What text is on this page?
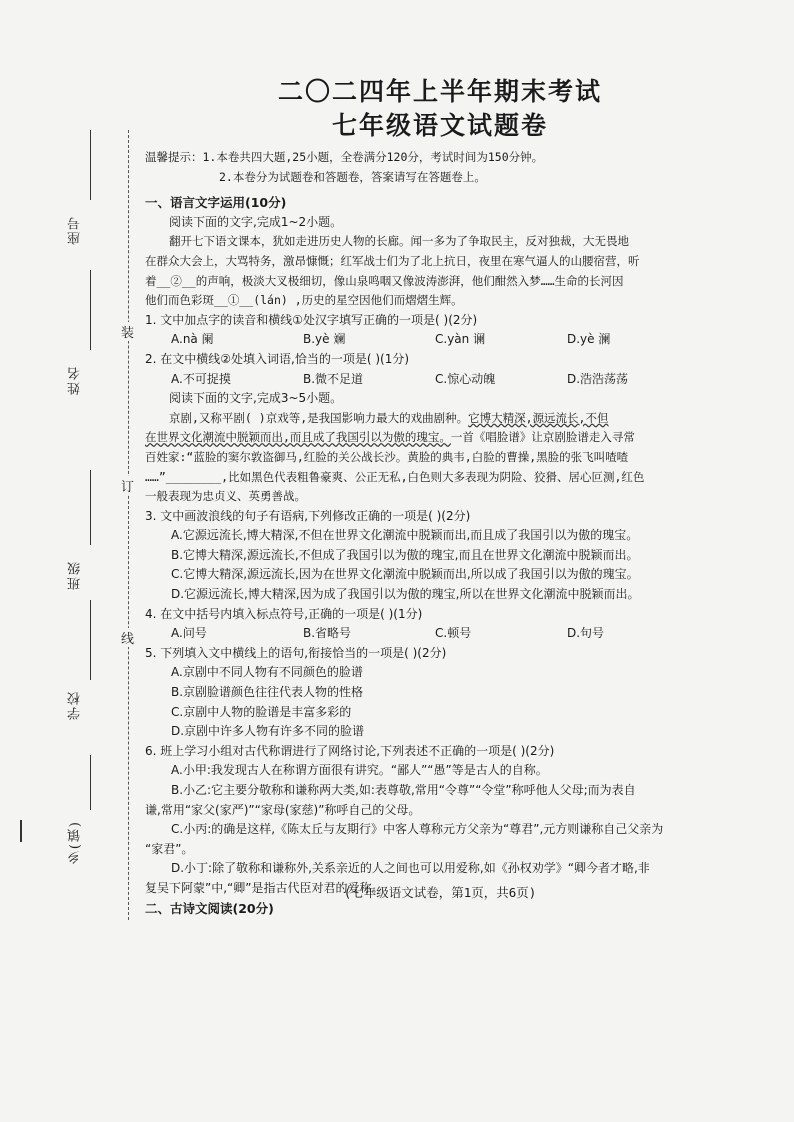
座号
姓名
班级
学校
乡(镇)
装
订
线
二〇二四年上半年期末考试
七年级语文试题卷

温馨提示：1.本卷共四大题,25小题，全卷满分120分，考试时间为150分钟。

2.本卷分为试题卷和答题卷，答案请写在答题卷上。

一、语言文字运用(10分)

阅读下面的文字,完成1~2小题。

翻开七下语文课本，犹如走进历史人物的长廊。闻一多为了争取民主，反对独裁，大无畏地

在群众大会上，大骂特务，激昂慷慨；红军战士们为了北上抗日，夜里在寒气逼人的山腰宿营，听

着__②__的声响，极淡大叉极细切，像山泉鸣咽又像波涛澎湃，他们酣然入梦……生命的长河因

他们而色彩斑__①__(lán) ,历史的星空因他们而熠熠生辉。

1. 文中加点字的读音和横线①处汉字填写正确的一项是( )(2分)

A.nà 阑	B.yè 斓	C.yàn 谰	D.yè 澜

2. 在文中横线②处填入词语,恰当的一项是( )(1分)

A.不可捉摸	B.微不足道	C.惊心动魄	D.浩浩荡荡

阅读下面的文字,完成3~5小题。

京剧,又称平剧( )京戏等,是我国影响力最大的戏曲剧种。它博大精深,源远流长,不但

在世界文化潮流中脱颖而出,而且成了我国引以为傲的瑰宝。一首《唱脸谱》让京剧脸谱走入寻常

百姓家:“蓝脸的窦尔敦盗御马,红脸的关公战长沙。黄脸的典韦,白脸的曹操,黑脸的张飞叫喳喳

……”________,比如黑色代表粗鲁豪爽、公正无私,白色则大多表现为阴险、狡猾、居心叵测,红色

一般表现为忠贞义、英勇善战。

3. 文中画波浪线的句子有语病,下列修改正确的一项是( )(2分)

A.它源远流长,博大精深,不但在世界文化潮流中脱颖而出,而且成了我国引以为傲的瑰宝。

B.它博大精深,源远流长,不但成了我国引以为傲的瑰宝,而且在世界文化潮流中脱颖而出。

C.它博大精深,源远流长,因为在世界文化潮流中脱颖而出,所以成了我国引以为傲的瑰宝。

D.它源远流长,博大精深,因为成了我国引以为傲的瑰宝,所以在世界文化潮流中脱颖而出。

4. 在文中括号内填入标点符号,正确的一项是( )(1分)

A.问号	B.省略号	C.顿号	D.句号

5. 下列填入文中横线上的语句,衔接恰当的一项是( )(2分)

A.京剧中不同人物有不同颜色的脸谱

B.京剧脸谱颜色往往代表人物的性格

C.京剧中人物的脸谱是丰富多彩的

D.京剧中许多人物有许多不同的脸谱

6. 班上学习小组对古代称谓进行了网络讨论,下列表述不正确的一项是( )(2分)

A.小甲:我发现古人在称谓方面很有讲究。“鄙人”“愚”等是古人的自称。

B.小乙:它主要分敬称和谦称两大类,如:表尊敬,常用“令尊”“令堂”称呼他人父母;而为表自

谦,常用“家父(家严)”“家母(家慈)”称呼自己的父母。

C.小丙:的确是这样,《陈太丘与友期行》中客人尊称元方父亲为“尊君”,元方则谦称自己父亲为

“家君”。

D.小丁:除了敬称和谦称外,关系亲近的人之间也可以用爱称,如《孙权劝学》“卿今者才略,非

复吴下阿蒙”中,“卿”是指古代臣对君的爱称。

二、古诗文阅读(20分)

(七年级语文试卷，第1页，共6页)
